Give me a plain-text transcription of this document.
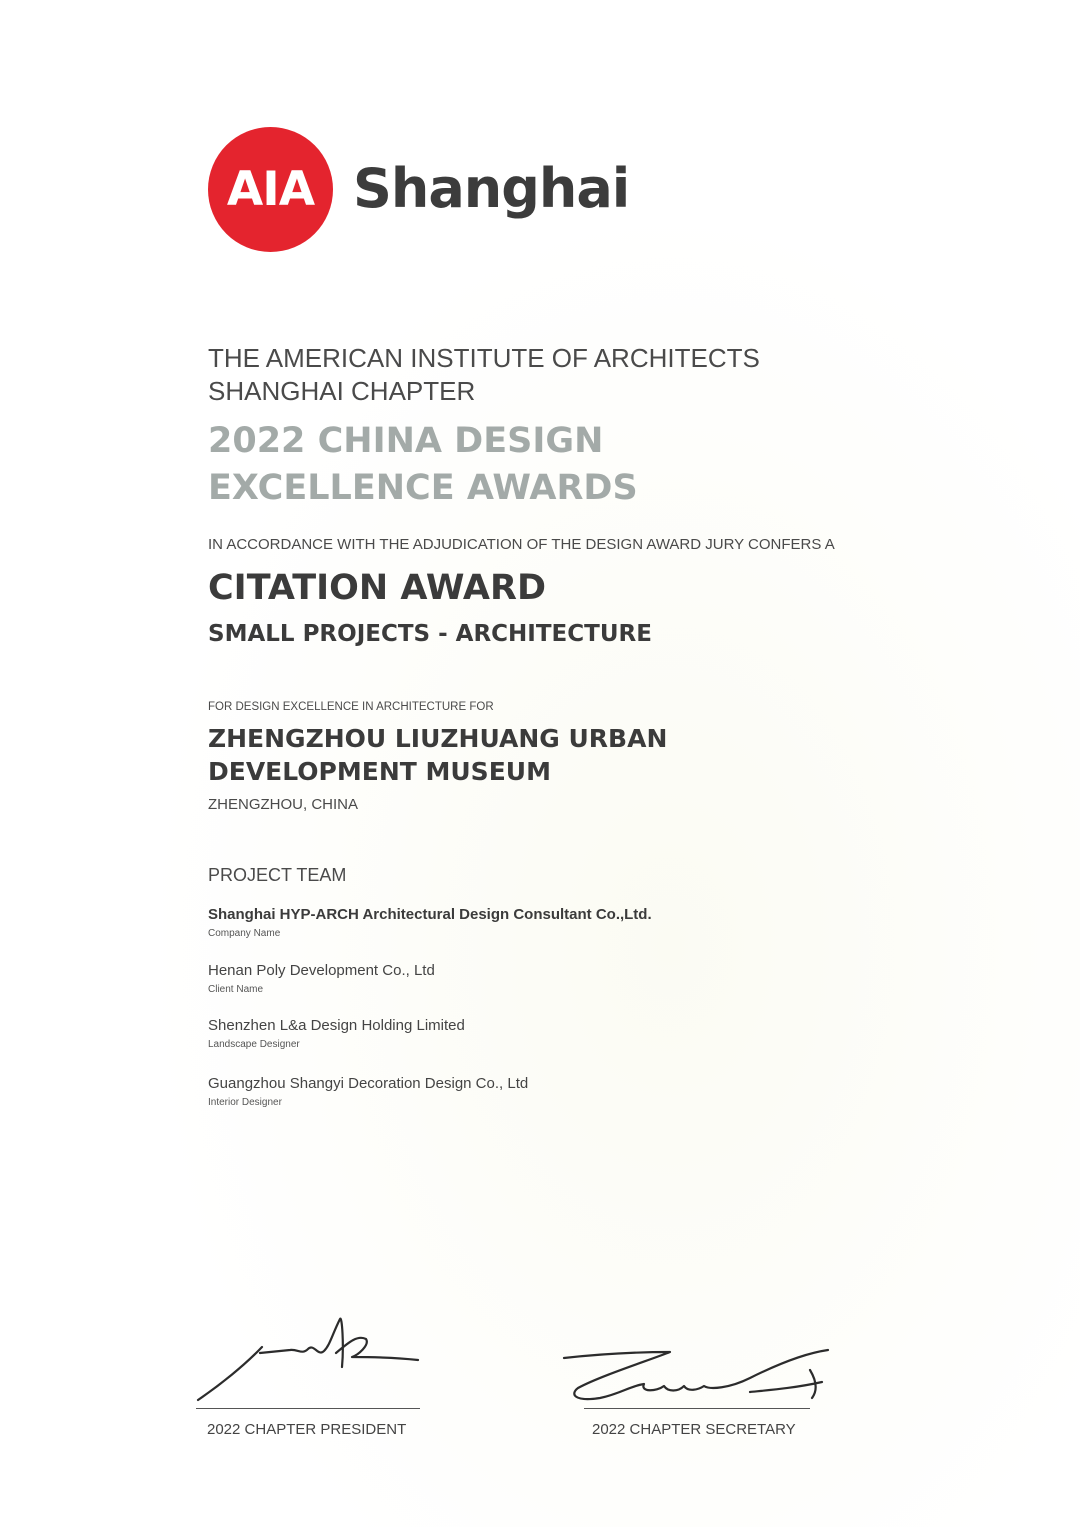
AIA Shanghai
THE AMERICAN INSTITUTE OF ARCHITECTS
SHANGHAI CHAPTER
2022 CHINA DESIGN
EXCELLENCE AWARDS
IN ACCORDANCE WITH THE ADJUDICATION OF THE DESIGN AWARD JURY CONFERS A
CITATION AWARD
SMALL PROJECTS - ARCHITECTURE
FOR DESIGN EXCELLENCE IN ARCHITECTURE FOR
ZHENGZHOU LIUZHUANG URBAN
DEVELOPMENT MUSEUM
ZHENGZHOU, CHINA
PROJECT TEAM
Shanghai HYP-ARCH Architectural Design Consultant Co.,Ltd.
Company Name
Henan Poly Development Co., Ltd
Client Name
Shenzhen L&a Design Holding Limited
Landscape Designer
Guangzhou Shangyi Decoration Design Co., Ltd
Interior Designer
2022 CHAPTER PRESIDENT	2022 CHAPTER SECRETARY
